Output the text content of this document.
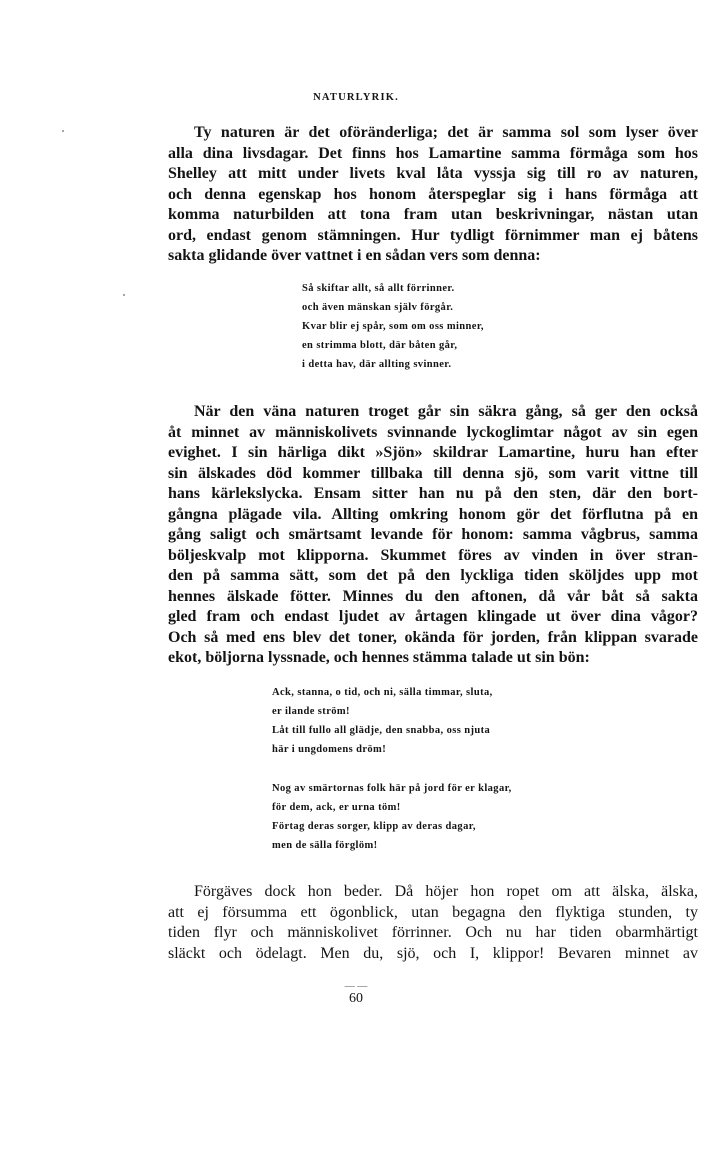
NATURLYRIK.
Ty naturen är det oföränderliga; det är samma sol som lyser över
alla dina livsdagar. Det finns hos Lamartine samma förmåga som hos
Shelley att mitt under livets kval låta vyssja sig till ro av naturen,
och denna egenskap hos honom återspeglar sig i hans förmåga att
komma naturbilden att tona fram utan beskrivningar, nästan utan
ord, endast genom stämningen. Hur tydligt förnimmer man ej båtens
sakta glidande över vattnet i en sådan vers som denna:
Så skiftar allt, så allt förrinner.
och även mänskan själv förgår.
Kvar blir ej spår, som om oss minner,
en strimma blott, där båten går,
i detta hav, där allting svinner.
När den väna naturen troget går sin säkra gång, så ger den också
åt minnet av människolivets svinnande lyckoglimtar något av sin egen
evighet. I sin härliga dikt »Sjön» skildrar Lamartine, huru han efter
sin älskades död kommer tillbaka till denna sjö, som varit vittne till
hans kärlekslycka. Ensam sitter han nu på den sten, där den bort-
gångna plägade vila. Allting omkring honom gör det förflutna på en
gång saligt och smärtsamt levande för honom: samma vågbrus, samma
böljeskvalp mot klipporna. Skummet föres av vinden in över stran-
den på samma sätt, som det på den lyckliga tiden sköljdes upp mot
hennes älskade fötter. Minnes du den aftonen, då vår båt så sakta
gled fram och endast ljudet av årtagen klingade ut över dina vågor?
Och så med ens blev det toner, okända för jorden, från klippan svarade
ekot, böljorna lyssnade, och hennes stämma talade ut sin bön:
Ack, stanna, o tid, och ni, sälla timmar, sluta,
er ilande ström!
Låt till fullo all glädje, den snabba, oss njuta
här i ungdomens dröm!
Nog av smärtornas folk här på jord för er klagar,
för dem, ack, er urna töm!
Förtag deras sorger, klipp av deras dagar,
men de sälla förglöm!
Förgäves dock hon beder. Då höjer hon ropet om att älska, älska,
att ej försumma ett ögonblick, utan begagna den flyktiga stunden, ty
tiden flyr och människolivet förrinner. Och nu har tiden obarmhärtigt
släckt och ödelagt. Men du, sjö, och I, klippor! Bevaren minnet av
— —
60
